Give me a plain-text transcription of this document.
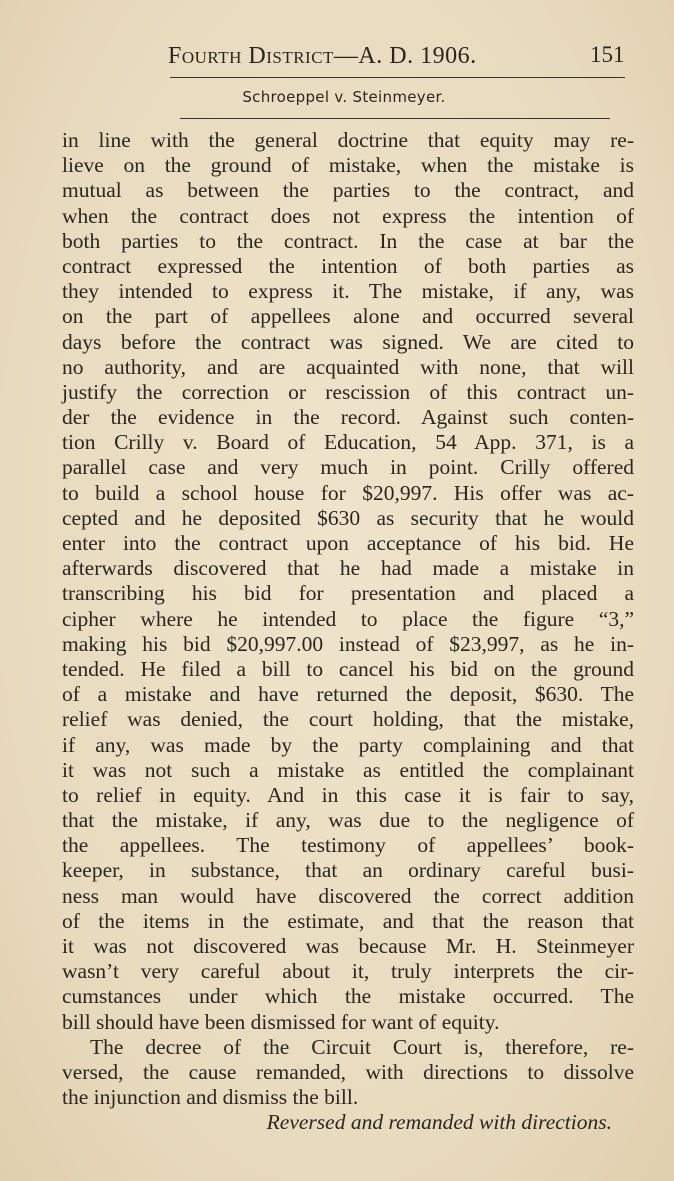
Fourth District—A. D. 1906.	151
Schroeppel v. Steinmeyer.
in line with the general doctrine that equity may re-
lieve on the ground of mistake, when the mistake is
mutual as between the parties to the contract, and
when the contract does not express the intention of
both parties to the contract. In the case at bar the
contract expressed the intention of both parties as
they intended to express it. The mistake, if any, was
on the part of appellees alone and occurred several
days before the contract was signed. We are cited to
no authority, and are acquainted with none, that will
justify the correction or rescission of this contract un-
der the evidence in the record. Against such conten-
tion Crilly v. Board of Education, 54 App. 371, is a
parallel case and very much in point. Crilly offered
to build a school house for $20,997. His offer was ac-
cepted and he deposited $630 as security that he would
enter into the contract upon acceptance of his bid. He
afterwards discovered that he had made a mistake in
transcribing his bid for presentation and placed a
cipher where he intended to place the figure “3,”
making his bid $20,997.00 instead of $23,997, as he in-
tended. He filed a bill to cancel his bid on the ground
of a mistake and have returned the deposit, $630. The
relief was denied, the court holding, that the mistake,
if any, was made by the party complaining and that
it was not such a mistake as entitled the complainant
to relief in equity. And in this case it is fair to say,
that the mistake, if any, was due to the negligence of
the appellees. The testimony of appellees’ book-
keeper, in substance, that an ordinary careful busi-
ness man would have discovered the correct addition
of the items in the estimate, and that the reason that
it was not discovered was because Mr. H. Steinmeyer
wasn’t very careful about it, truly interprets the cir-
cumstances under which the mistake occurred. The
bill should have been dismissed for want of equity.
The decree of the Circuit Court is, therefore, re-
versed, the cause remanded, with directions to dissolve
the injunction and dismiss the bill.
Reversed and remanded with directions.
